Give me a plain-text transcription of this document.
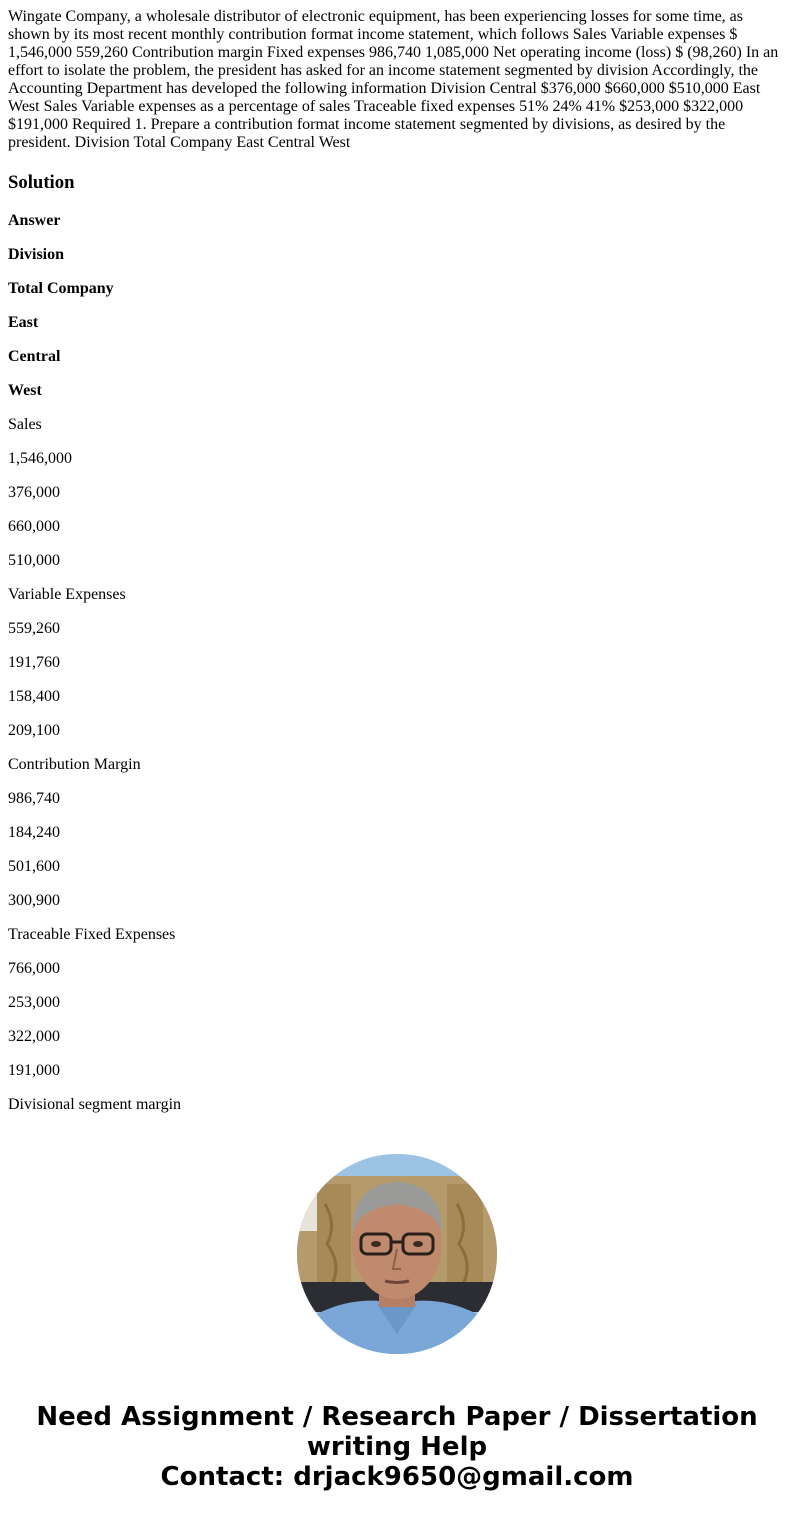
Wingate Company, a wholesale distributor of electronic equipment, has been experiencing losses for some time, as shown by its most recent monthly contribution format income statement, which follows Sales Variable expenses $ 1,546,000 559,260 Contribution margin Fixed expenses 986,740 1,085,000 Net operating income (loss) $ (98,260) In an effort to isolate the problem, the president has asked for an income statement segmented by division Accordingly, the Accounting Department has developed the following information Division Central $376,000 $660,000 $510,000 East West Sales Variable expenses as a percentage of sales Traceable fixed expenses 51% 24% 41% $253,000 $322,000 $191,000 Required 1. Prepare a contribution format income statement segmented by divisions, as desired by the president. Division Total Company East Central West

Solution
Answer
Division
Total Company
East
Central
West

Sales

1,546,000

376,000

660,000

510,000

Variable Expenses

559,260

191,760

158,400

209,100

Contribution Margin

986,740

184,240

501,600

300,900

Traceable Fixed Expenses

766,000

253,000

322,000

191,000

Divisional segment margin

Need Assignment / Research Paper / Dissertation
writing Help
Contact: drjack9650@gmail.com
